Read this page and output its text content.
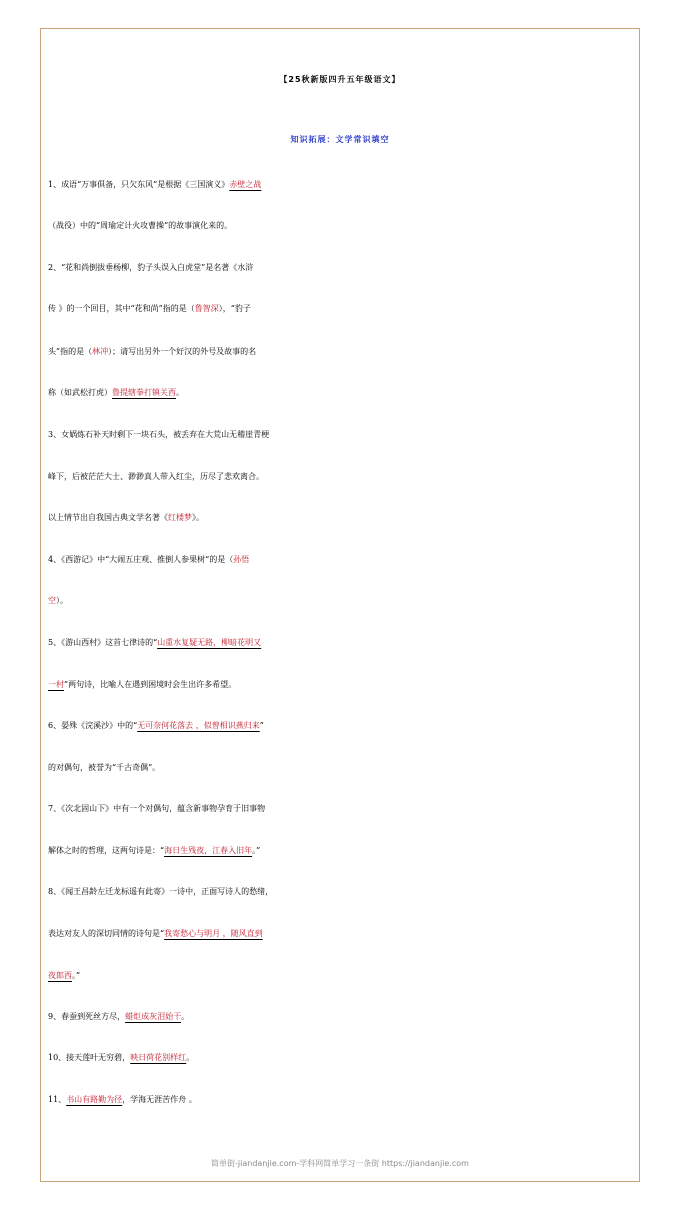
【25秋新版四升五年级语文】
知识拓展：文学常识填空
1、成语“万事俱备，只欠东风”是根据《三国演义》赤壁之战
（战役）中的“周瑜定计火攻曹操”的故事演化来的。
2、“花和尚倒拔垂杨柳，豹子头误入白虎堂”是名著《水浒
传 》的一个回目，其中“花和尚”指的是（鲁智深），“豹子
头”指的是（林冲）；请写出另外一个好汉的外号及故事的名
称（如武松打虎）鲁提辖拳打镇关西。
3、女娲炼石补天时剩下一块石头，被丢弃在大荒山无稽崖青梗
峰下，后被茫茫大士、渺渺真人带入红尘，历尽了悲欢离合。
以上情节出自我国古典文学名著《红楼梦》。
4、《西游记》中“大闹五庄观、推倒人参果树“的是（孙悟
空）。
5、《游山西村》这首七律诗的“山重水复疑无路，柳暗花明又
一村”两句诗，比喻人在遇到困境时会生出许多希望。
6、晏殊《浣溪沙》中的“无可奈何花落去 ，似曾相识燕归来”
的对偶句，被誉为“千古奇偶”。
7、《次北固山下》中有一个对偶句，蕴含新事物孕育于旧事物
解体之时的哲理，这两句诗是：“海日生残夜，江春入旧年。”
8、《闻王昌龄左迁龙标遥有此寄》一诗中，正面写诗人的愁绪，
表达对友人的深切同情的诗句是“我寄愁心与明月 ，随风直到
夜郎西。”
9、春蚕到死丝方尽，蜡炬成灰泪始干。
10、接天莲叶无穷碧，映日荷花别样红。
11、书山有路勤为径，学海无涯苦作舟 。
简单街-jiandanjie.com-学科网简单学习一条街 https://jiandanjie.com
